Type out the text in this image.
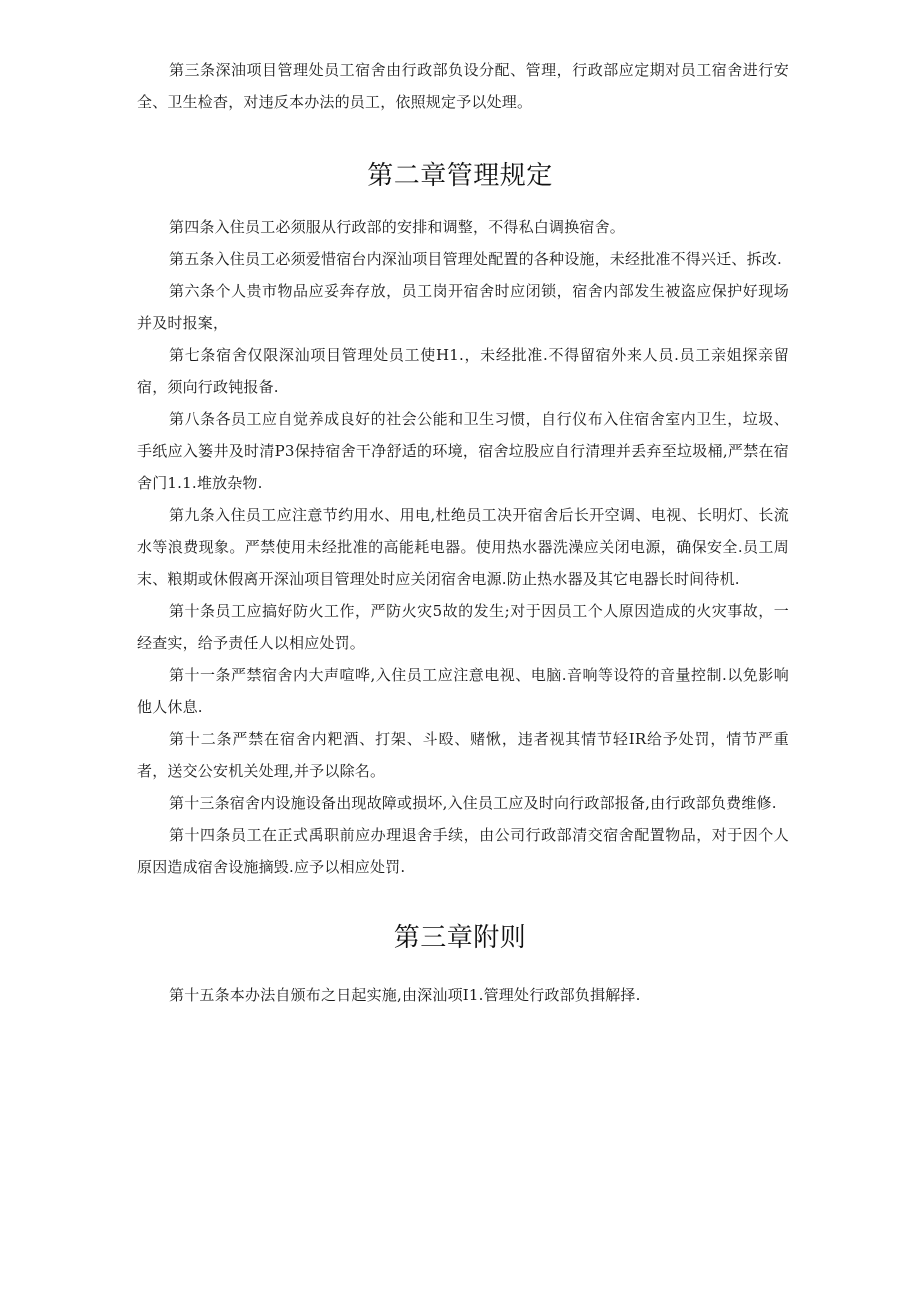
第三条深油项目管理处员工宿舍由行政部负设分配、管理，行政部应定期对员工宿舍进行安全、卫生检杳，对违反本办法的员工，依照规定予以处理。

第二章管理规定

第四条入住员工必须服从行政部的安排和调整，不得私白调换宿舍。

第五条入住员工必须爱惜宿台内深汕项目管理处配置的各种设施，未经批准不得兴迁、拆改.

第六条个人贵市物品应妥奔存放，员工岗开宿舍时应闭锁，宿舍内部发生被盗应保护好现场并及时报案，

第七条宿舍仅限深汕项目管理处员工使H1.，未经批准.不得留宿外来人员.员工亲姐探亲留宿，须向行政钝报备.

第八条各员工应自觉养成良好的社会公能和卫生习惯，自行仪布入住宿舍室内卫生，垃圾、手纸应入篓井及时清P3保持宿舍干净舒适的环境，宿舍垃股应自行清理并丢弃至垃圾桶,严禁在宿舍门1.1.堆放杂物.

第九条入住员工应注意节约用水、用电,杜绝员工决开宿舍后长开空调、电视、长明灯、长流水等浪费现象。严禁使用未经批准的高能耗电器。使用热水器洗澡应关闭电源，确保安全.员工周末、粮期或休假离开深汕项目管理处时应关闭宿舍电源.防止热水器及其它电器长时间待机.

第十条员工应搞好防火工作，严防火灾5故的发生;对于因员工个人原因造成的火灾事故，一经查实，给予责任人以相应处罚。

第十一条严禁宿舍内大声喧哗,入住员工应注意电视、电脑.音响等设符的音量控制.以免影响他人休息.

第十二条严禁在宿舍内粑酒、打架、斗殴、赌愀，违者视其情节轻IR给予处罚，情节严重者，送交公安机关处理,并予以除名。

第十三条宿舍内设施设备出现故障或损坏,入住员工应及时向行政部报备,由行政部负费维修.

第十四条员工在正式禹职前应办理退舍手续，由公司行政部清交宿舍配置物品，对于因个人原因造成宿舍设施摘毁.应予以相应处罚.

第三章附则

第十五条本办法自颁布之日起实施,由深汕项I1.管理处行政部负揖解择.
